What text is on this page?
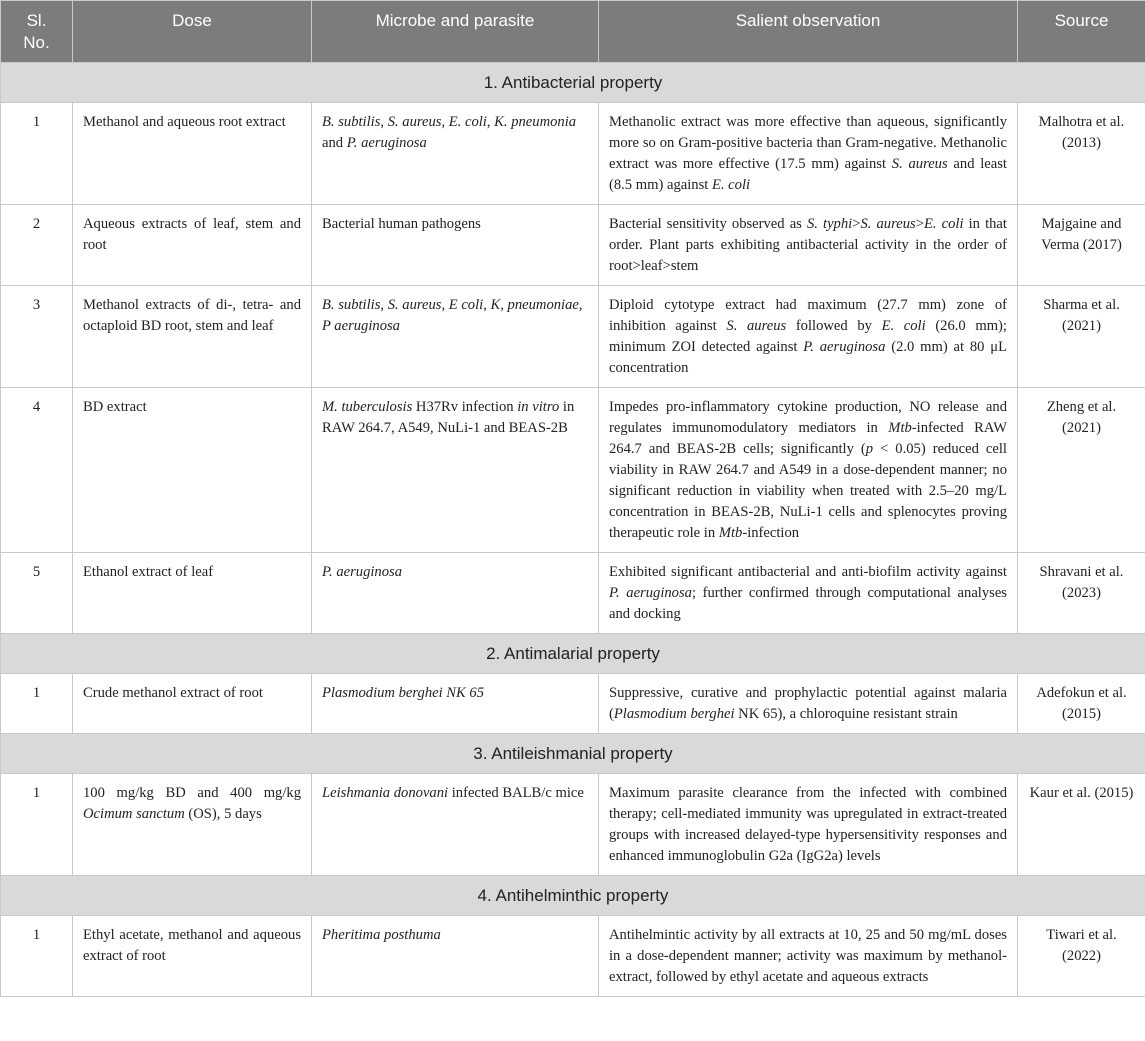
Sl. No.	Dose	Microbe and parasite	Salient observation	Source
1. Antibacterial property				
1	Methanol and aqueous root extract	B. subtilis, S. aureus, E. coli, K. pneumonia and P. aeruginosa	Methanolic extract was more effective than aqueous, significantly more so on Gram-positive bacteria than Gram-negative. Methanolic extract was more effective (17.5 mm) against S. aureus and least (8.5 mm) against E. coli	Malhotra et al. (2013)
2	Aqueous extracts of leaf, stem and root	Bacterial human pathogens	Bacterial sensitivity observed as S. typhi>S. aureus>E. coli in that order. Plant parts exhibiting antibacterial activity in the order of root>leaf>stem	Majgaine and Verma (2017)
3	Methanol extracts of di-, tetra- and octaploid BD root, stem and leaf	B. subtilis, S. aureus, E coli, K, pneumoniae, P aeruginosa	Diploid cytotype extract had maximum (27.7 mm) zone of inhibition against S. aureus followed by E. coli (26.0 mm); minimum ZOI detected against P. aeruginosa (2.0 mm) at 80 μL concentration	Sharma et al. (2021)
4	BD extract	M. tuberculosis H37Rv infection in vitro in RAW 264.7, A549, NuLi-1 and BEAS-2B	Impedes pro-inflammatory cytokine production, NO release and regulates immunomodulatory mediators in Mtb-infected RAW 264.7 and BEAS-2B cells; significantly (p < 0.05) reduced cell viability in RAW 264.7 and A549 in a dose-dependent manner; no significant reduction in viability when treated with 2.5–20 mg/L concentration in BEAS-2B, NuLi-1 cells and splenocytes proving therapeutic role in Mtb-infection	Zheng et al. (2021)
5	Ethanol extract of leaf	P. aeruginosa	Exhibited significant antibacterial and anti-biofilm activity against P. aeruginosa; further confirmed through computational analyses and docking	Shravani et al. (2023)
2. Antimalarial property				
1	Crude methanol extract of root	Plasmodium berghei NK 65	Suppressive, curative and prophylactic potential against malaria (Plasmodium berghei NK 65), a chloroquine resistant strain	Adefokun et al. (2015)
3. Antileishmanial property				
1	100 mg/kg BD and 400 mg/kg Ocimum sanctum (OS), 5 days	Leishmania donovani infected BALB/c mice	Maximum parasite clearance from the infected with combined therapy; cell-mediated immunity was upregulated in extract-treated groups with increased delayed-type hypersensitivity responses and enhanced immunoglobulin G2a (IgG2a) levels	Kaur et al. (2015)
4. Antihelminthic property				
1	Ethyl acetate, methanol and aqueous extract of root	Pheritima posthuma	Antihelmintic activity by all extracts at 10, 25 and 50 mg/mL doses in a dose-dependent manner; activity was maximum by methanol-extract, followed by ethyl acetate and aqueous extracts	Tiwari et al. (2022)
